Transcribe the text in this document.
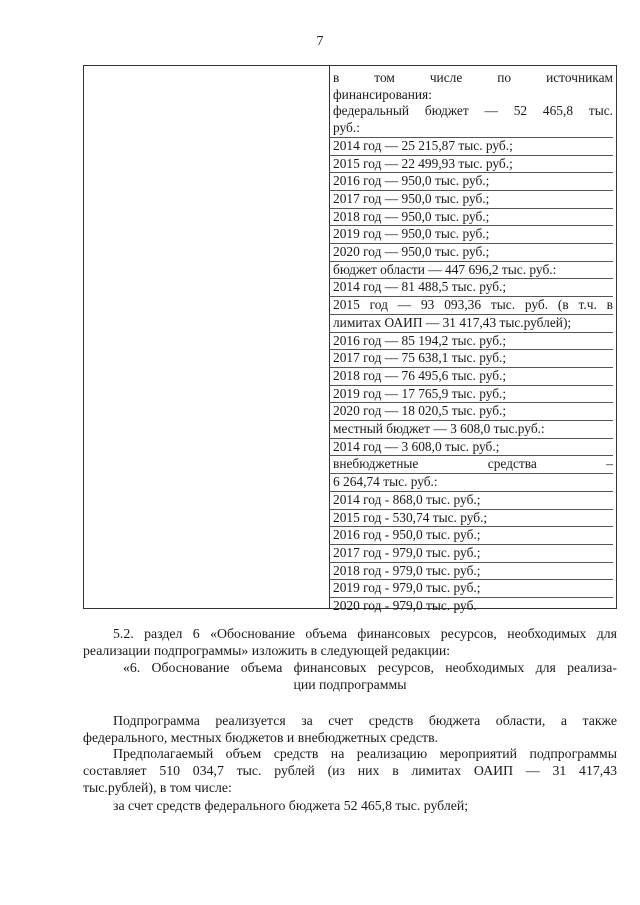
7
в том числе по источникам
финансирования:
федеральный бюджет — 52 465,8 тыс.
руб.:
2014 год — 25 215,87 тыс. руб.;
2015 год — 22 499,93 тыс. руб.;
2016 год — 950,0 тыс. руб.;
2017 год — 950,0 тыс. руб.;
2018 год — 950,0 тыс. руб.;
2019 год — 950,0 тыс. руб.;
2020 год — 950,0 тыс. руб.;
бюджет области — 447 696,2 тыс. руб.:
2014 год — 81 488,5 тыс. руб.;
2015 год — 93 093,36 тыс. руб. (в т.ч. в
лимитах ОАИП — 31 417,43 тыс.рублей);
2016 год — 85 194,2 тыс. руб.;
2017 год — 75 638,1 тыс. руб.;
2018 год — 76 495,6 тыс. руб.;
2019 год — 17 765,9 тыс. руб.;
2020 год — 18 020,5 тыс. руб.;
местный бюджет — 3 608,0 тыс.руб.:
2014 год — 3 608,0 тыс. руб.;
внебюджетные средства –
6 264,74 тыс. руб.:
2014 год - 868,0 тыс. руб.;
2015 год - 530,74 тыс. руб.;
2016 год - 950,0 тыс. руб.;
2017 год - 979,0 тыс. руб.;
2018 год - 979,0 тыс. руб.;
2019 год - 979,0 тыс. руб.;
2020 год - 979,0 тыс. руб.
5.2. раздел 6 «Обоснование объема финансовых ресурсов, необходимых для
реализации подпрограммы» изложить в следующей редакции:
«6. Обоснование объема финансовых ресурсов, необходимых для реализа-
ции подпрограммы
Подпрограмма реализуется за счет средств бюджета области, а также
федерального, местных бюджетов и внебюджетных средств.
Предполагаемый объем средств на реализацию мероприятий подпрограммы
составляет 510 034,7 тыс. рублей (из них в лимитах ОАИП — 31 417,43
тыс.рублей), в том числе:
за счет средств федерального бюджета 52 465,8 тыс. рублей;
